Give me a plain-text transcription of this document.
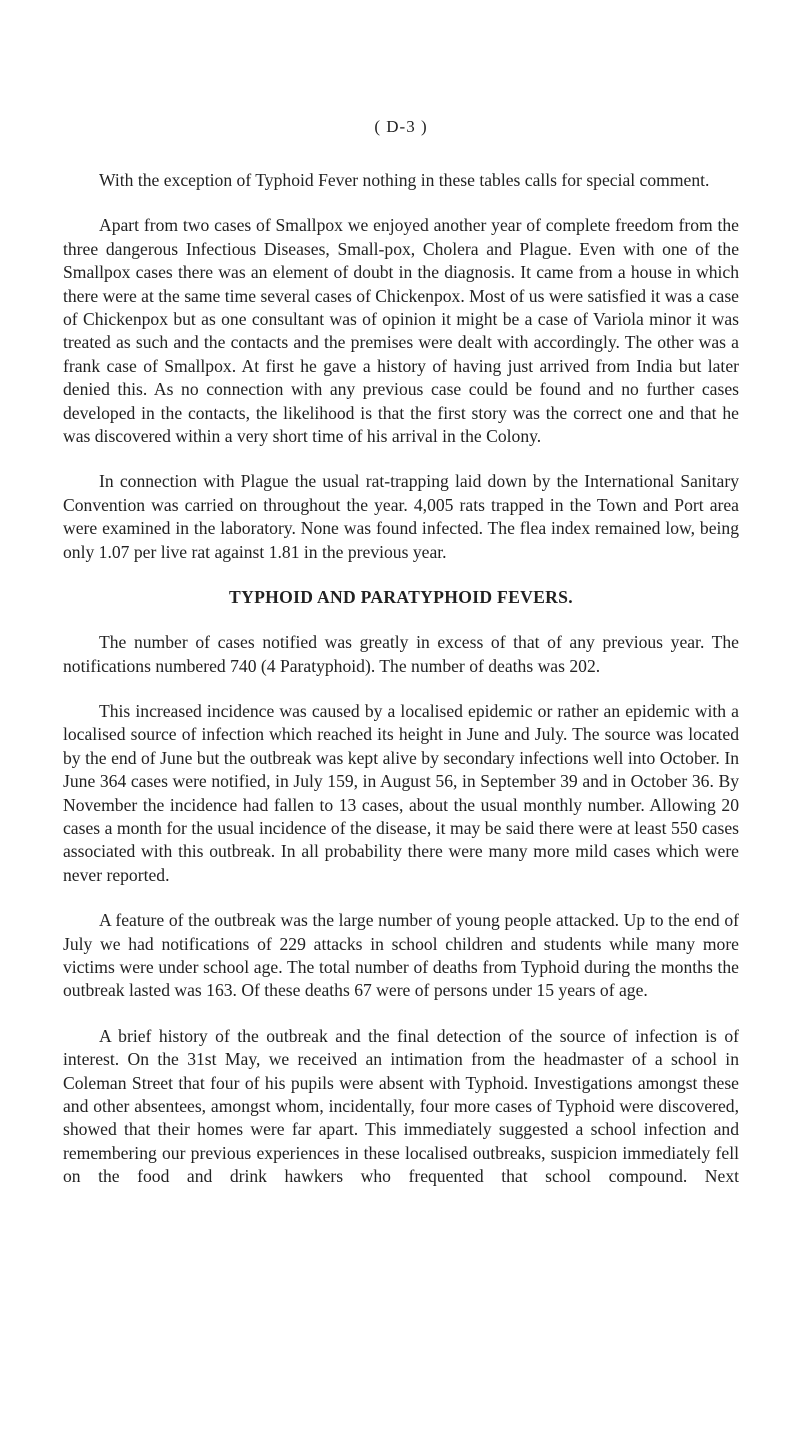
( D-3 )

With the exception of Typhoid Fever nothing in these tables calls for special comment.

Apart from two cases of Smallpox we enjoyed another year of complete freedom from the three dangerous Infectious Diseases, Small-pox, Cholera and Plague. Even with one of the Smallpox cases there was an element of doubt in the diagnosis. It came from a house in which there were at the same time several cases of Chickenpox. Most of us were satisfied it was a case of Chickenpox but as one consultant was of opinion it might be a case of Variola minor it was treated as such and the contacts and the premises were dealt with accordingly. The other was a frank case of Smallpox. At first he gave a history of having just arrived from India but later denied this. As no connection with any previous case could be found and no further cases developed in the contacts, the likelihood is that the first story was the correct one and that he was discovered within a very short time of his arrival in the Colony.

In connection with Plague the usual rat-trapping laid down by the International Sanitary Convention was carried on throughout the year. 4,005 rats trapped in the Town and Port area were examined in the laboratory. None was found infected. The flea index remained low, being only 1.07 per live rat against 1.81 in the previous year.

TYPHOID AND PARATYPHOID FEVERS.

The number of cases notified was greatly in excess of that of any previous year. The notifications numbered 740 (4 Paratyphoid). The number of deaths was 202.

This increased incidence was caused by a localised epidemic or rather an epidemic with a localised source of infection which reached its height in June and July. The source was located by the end of June but the outbreak was kept alive by secondary infections well into October. In June 364 cases were notified, in July 159, in August 56, in September 39 and in October 36. By November the incidence had fallen to 13 cases, about the usual monthly number. Allowing 20 cases a month for the usual incidence of the disease, it may be said there were at least 550 cases associated with this outbreak. In all probability there were many more mild cases which were never reported.

A feature of the outbreak was the large number of young people attacked. Up to the end of July we had notifications of 229 attacks in school children and students while many more victims were under school age. The total number of deaths from Typhoid during the months the outbreak lasted was 163. Of these deaths 67 were of persons under 15 years of age.

A brief history of the outbreak and the final detection of the source of infection is of interest. On the 31st May, we received an intimation from the headmaster of a school in Coleman Street that four of his pupils were absent with Typhoid. Investigations amongst these and other absentees, amongst whom, incidentally, four more cases of Typhoid were discovered, showed that their homes were far apart. This immediately suggested a school infection and remembering our previous experiences in these localised outbreaks, suspicion immediately fell on the food and drink hawkers who frequented that school compound. Next
